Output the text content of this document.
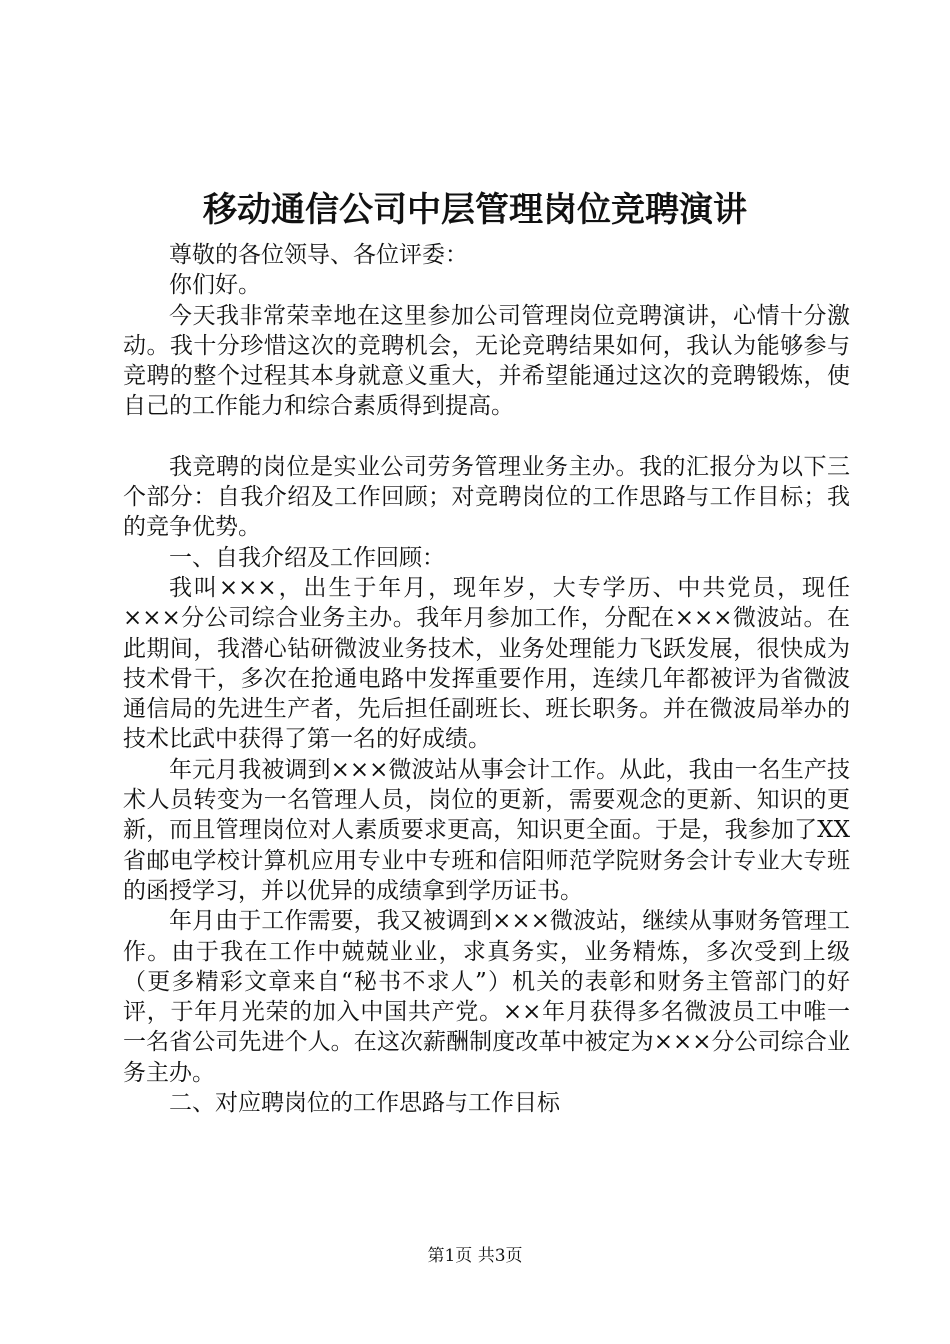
移动通信公司中层管理岗位竞聘演讲

尊敬的各位领导、各位评委：

你们好。

今天我非常荣幸地在这里参加公司管理岗位竞聘演讲，心情十分激动。我十分珍惜这次的竞聘机会，无论竞聘结果如何，我认为能够参与竞聘的整个过程其本身就意义重大，并希望能通过这次的竞聘锻炼，使自己的工作能力和综合素质得到提高。

我竞聘的岗位是实业公司劳务管理业务主办。我的汇报分为以下三个部分：自我介绍及工作回顾；对竞聘岗位的工作思路与工作目标；我的竞争优势。

一、自我介绍及工作回顾：

我叫×××，出生于年月，现年岁，大专学历、中共党员，现任×××分公司综合业务主办。我年月参加工作，分配在×××微波站。在此期间，我潜心钻研微波业务技术，业务处理能力飞跃发展，很快成为技术骨干，多次在抢通电路中发挥重要作用，连续几年都被评为省微波通信局的先进生产者，先后担任副班长、班长职务。并在微波局举办的技术比武中获得了第一名的好成绩。

年元月我被调到×××微波站从事会计工作。从此，我由一名生产技术人员转变为一名管理人员，岗位的更新，需要观念的更新、知识的更新，而且管理岗位对人素质要求更高，知识更全面。于是，我参加了XX省邮电学校计算机应用专业中专班和信阳师范学院财务会计专业大专班的函授学习，并以优异的成绩拿到学历证书。

年月由于工作需要，我又被调到×××微波站，继续从事财务管理工作。由于我在工作中兢兢业业，求真务实，业务精炼，多次受到上级（更多精彩文章来自“秘书不求人”）机关的表彰和财务主管部门的好评，于年月光荣的加入中国共产党。××年月获得多名微波员工中唯一一名省公司先进个人。在这次薪酬制度改革中被定为×××分公司综合业务主办。

二、对应聘岗位的工作思路与工作目标

第1页 共3页
